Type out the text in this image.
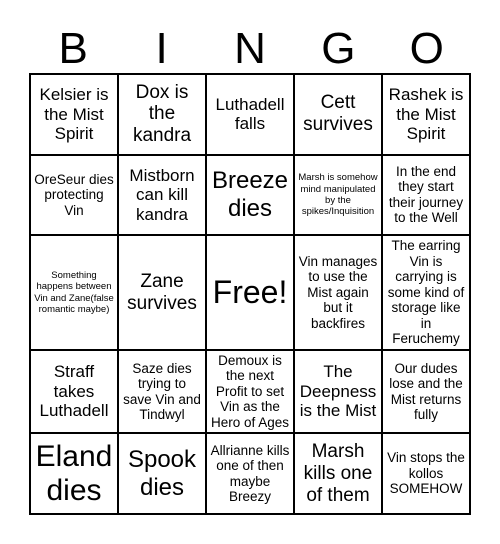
B	I	N	G	O
Kelsier is the Mist Spirit
Dox is the kandra
Luthadell falls
Cett survives
Rashek is the Mist Spirit
OreSeur dies protecting Vin
Mistborn can kill kandra
Breeze dies
Marsh is somehow mind manipulated by the spikes/Inquisition
In the end they start their journey to the Well
Something happens between Vin and Zane(false romantic maybe)
Zane survives Free!
Vin manages to use the Mist again but it backfires
The earring Vin is carrying is some kind of storage like in Feruchemy
Straff takes Luthadell
Saze dies trying to save Vin and Tindwyl
Demoux is the next Profit to set Vin as the Hero of Ages
The Deepness is the Mist
Our dudes lose and the Mist returns fully
Eland dies
Spook dies
Allrianne kills one of then maybe Breezy
Marsh kills one of them
Vin stops the kollos SOMEHOW
